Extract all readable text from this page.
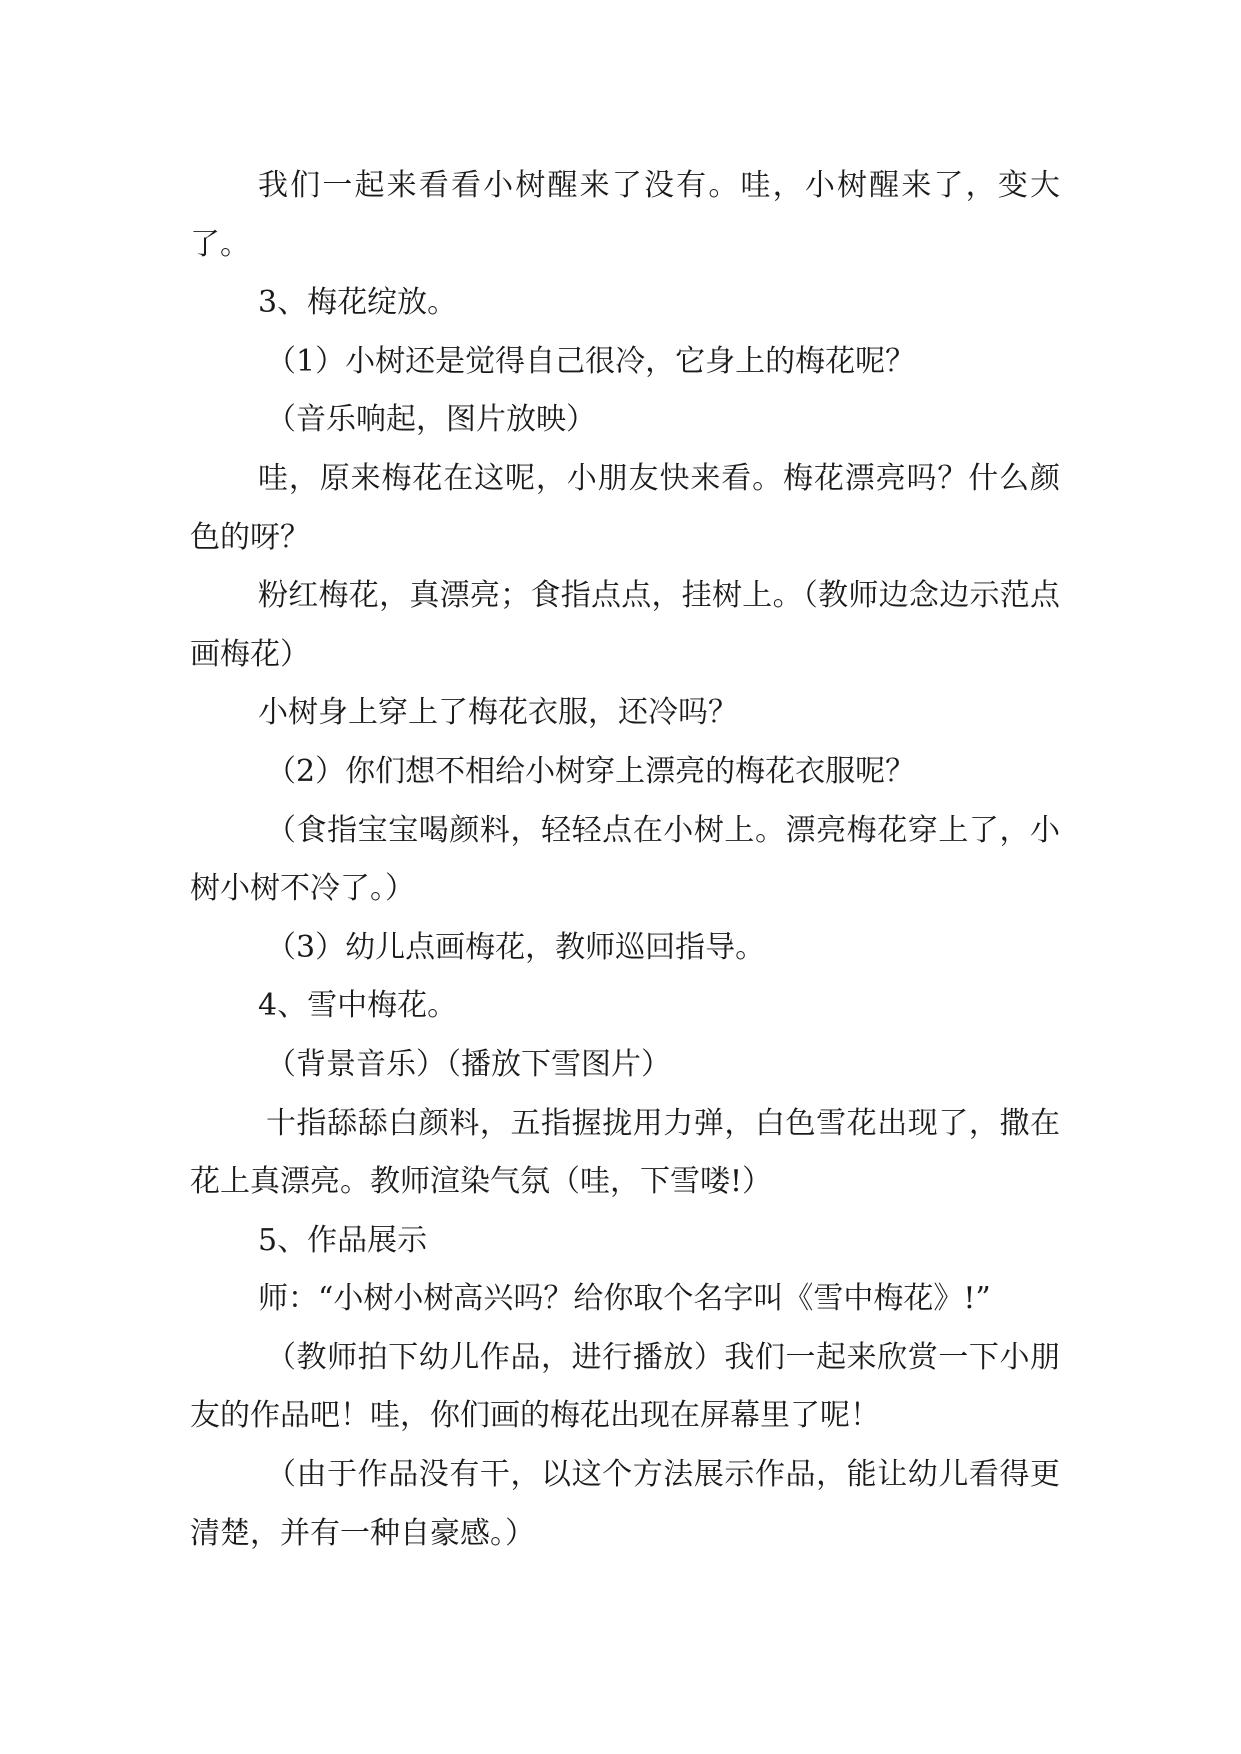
我们一起来看看小树醒来了没有。哇，小树醒来了，变大了。

3、梅花绽放。

（1）小树还是觉得自己很冷，它身上的梅花呢？

（音乐响起，图片放映）

哇，原来梅花在这呢，小朋友快来看。梅花漂亮吗？什么颜色的呀？

粉红梅花，真漂亮；食指点点，挂树上。（教师边念边示范点画梅花）

小树身上穿上了梅花衣服，还冷吗？

（2）你们想不相给小树穿上漂亮的梅花衣服呢？

（食指宝宝喝颜料，轻轻点在小树上。漂亮梅花穿上了，小树小树不冷了。）

（3）幼儿点画梅花，教师巡回指导。

4、雪中梅花。

（背景音乐）（播放下雪图片）

十指舔舔白颜料，五指握拢用力弹，白色雪花出现了，撒在花上真漂亮。教师渲染气氛（哇，下雪喽!）

5、作品展示

师：“小树小树高兴吗？给你取个名字叫《雪中梅花》!”

（教师拍下幼儿作品，进行播放）我们一起来欣赏一下小朋友的作品吧！哇，你们画的梅花出现在屏幕里了呢！

（由于作品没有干，以这个方法展示作品，能让幼儿看得更清楚，并有一种自豪感。）
